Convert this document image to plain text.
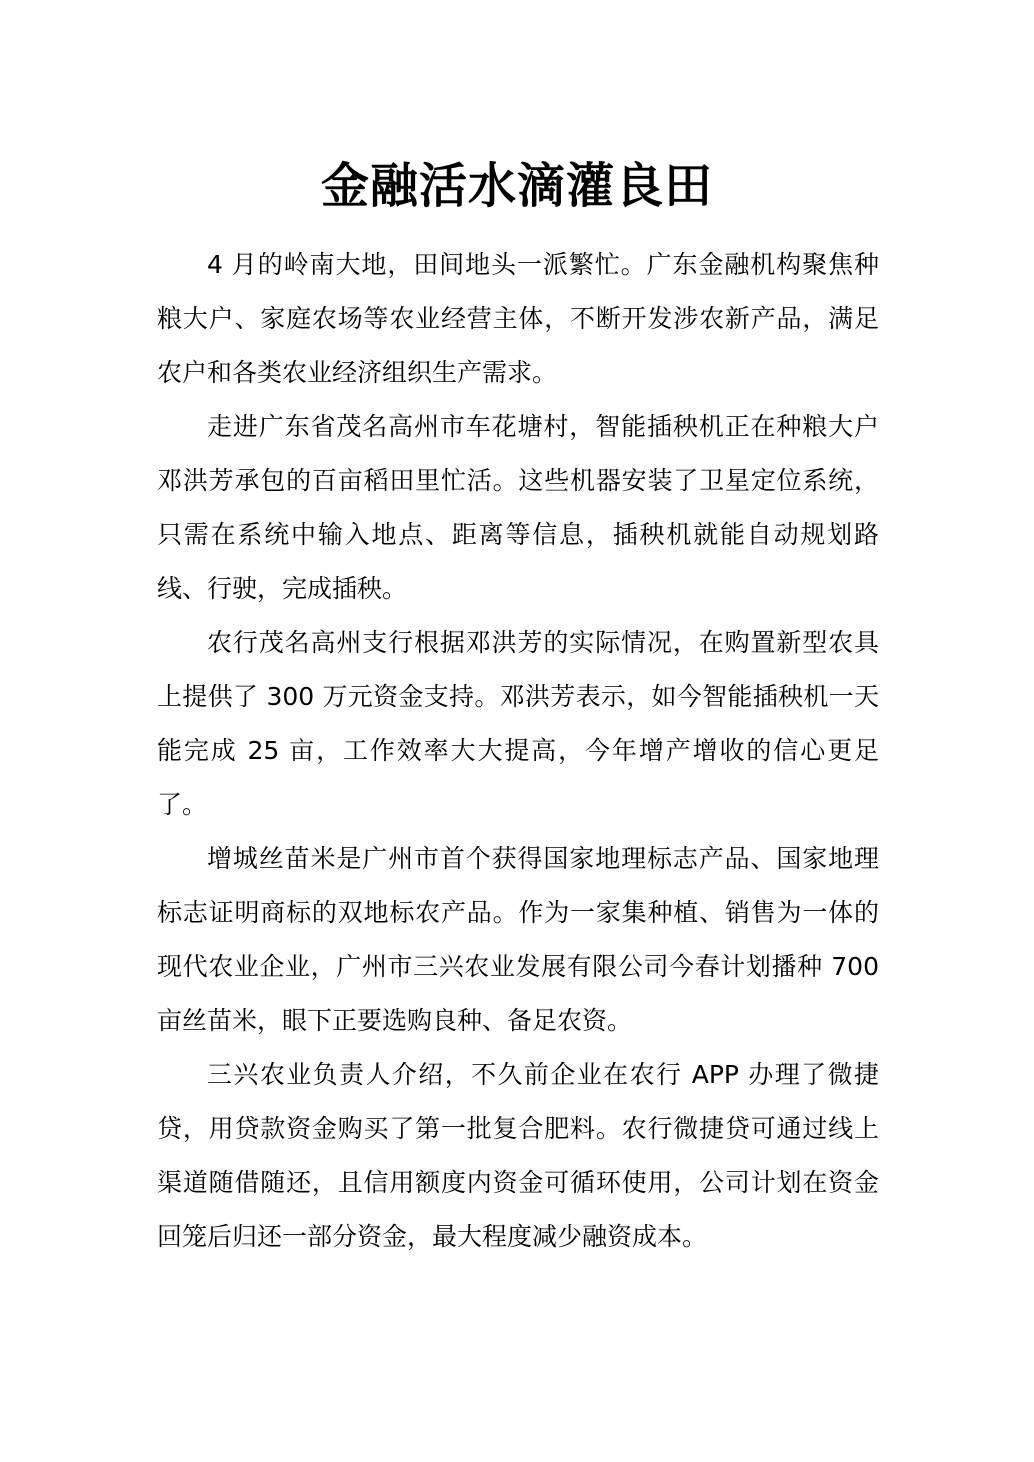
金融活水滴灌良田

4 月的岭南大地，田间地头一派繁忙。广东金融机构聚焦种粮大户、家庭农场等农业经营主体，不断开发涉农新产品，满足农户和各类农业经济组织生产需求。

走进广东省茂名高州市车花塘村，智能插秧机正在种粮大户邓洪芳承包的百亩稻田里忙活。这些机器安装了卫星定位系统，只需在系统中输入地点、距离等信息，插秧机就能自动规划路线、行驶，完成插秧。

农行茂名高州支行根据邓洪芳的实际情况，在购置新型农具上提供了 300 万元资金支持。邓洪芳表示，如今智能插秧机一天能完成 25 亩，工作效率大大提高，今年增产增收的信心更足了。

增城丝苗米是广州市首个获得国家地理标志产品、国家地理标志证明商标的双地标农产品。作为一家集种植、销售为一体的现代农业企业，广州市三兴农业发展有限公司今春计划播种 700 亩丝苗米，眼下正要选购良种、备足农资。

三兴农业负责人介绍，不久前企业在农行 APP 办理了微捷贷，用贷款资金购买了第一批复合肥料。农行微捷贷可通过线上渠道随借随还，且信用额度内资金可循环使用，公司计划在资金回笼后归还一部分资金，最大程度减少融资成本。
